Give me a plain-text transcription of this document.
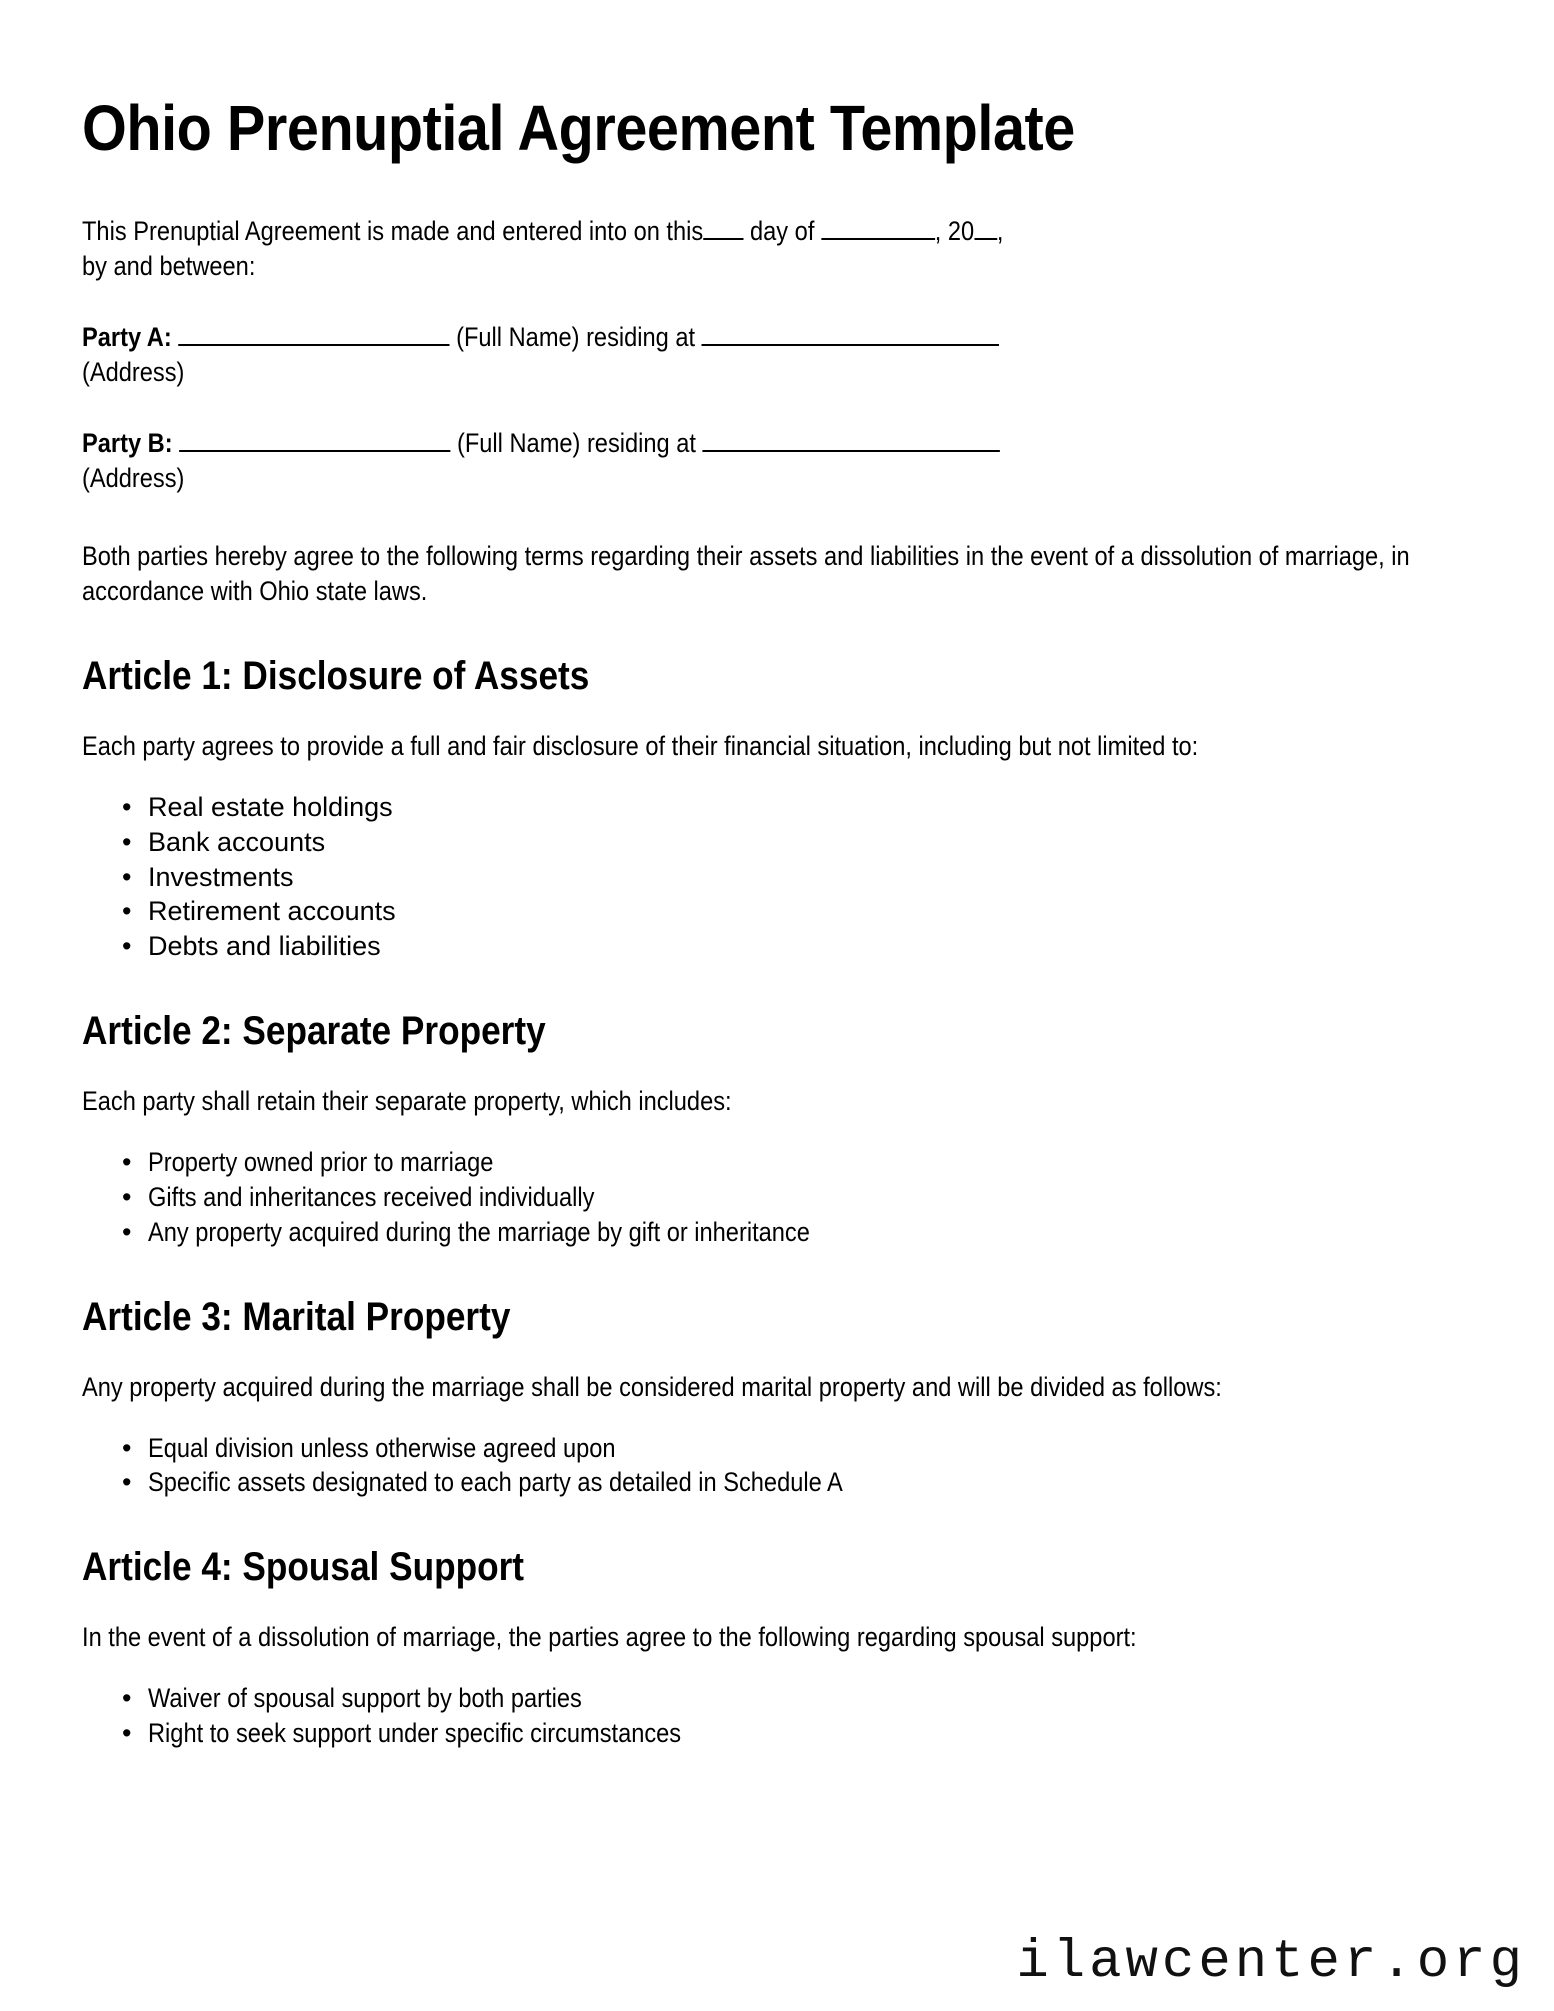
Ohio Prenuptial Agreement Template

This Prenuptial Agreement is made and entered into on this day of	, 20 ,
by and between:

Party A:	(Full Name) residing at
(Address)

Party B:	(Full Name) residing at
(Address)

Both parties hereby agree to the following terms regarding their assets and liabilities in the event of a dissolution of marriage, in accordance with Ohio state laws.

Article 1: Disclosure of Assets

Each party agrees to provide a full and fair disclosure of their financial situation, including but not limited to:

• Real estate holdings
• Bank accounts
• Investments
• Retirement accounts
• Debts and liabilities
Article 2: Separate Property

Each party shall retain their separate property, which includes:

• Property owned prior to marriage
• Gifts and inheritances received individually
• Any property acquired during the marriage by gift or inheritance
Article 3: Marital Property

Any property acquired during the marriage shall be considered marital property and will be divided as follows:

• Equal division unless otherwise agreed upon
• Specific assets designated to each party as detailed in Schedule A
Article 4: Spousal Support

In the event of a dissolution of marriage, the parties agree to the following regarding spousal support:

• Waiver of spousal support by both parties
• Right to seek support under specific circumstances
ilawcenter.org
